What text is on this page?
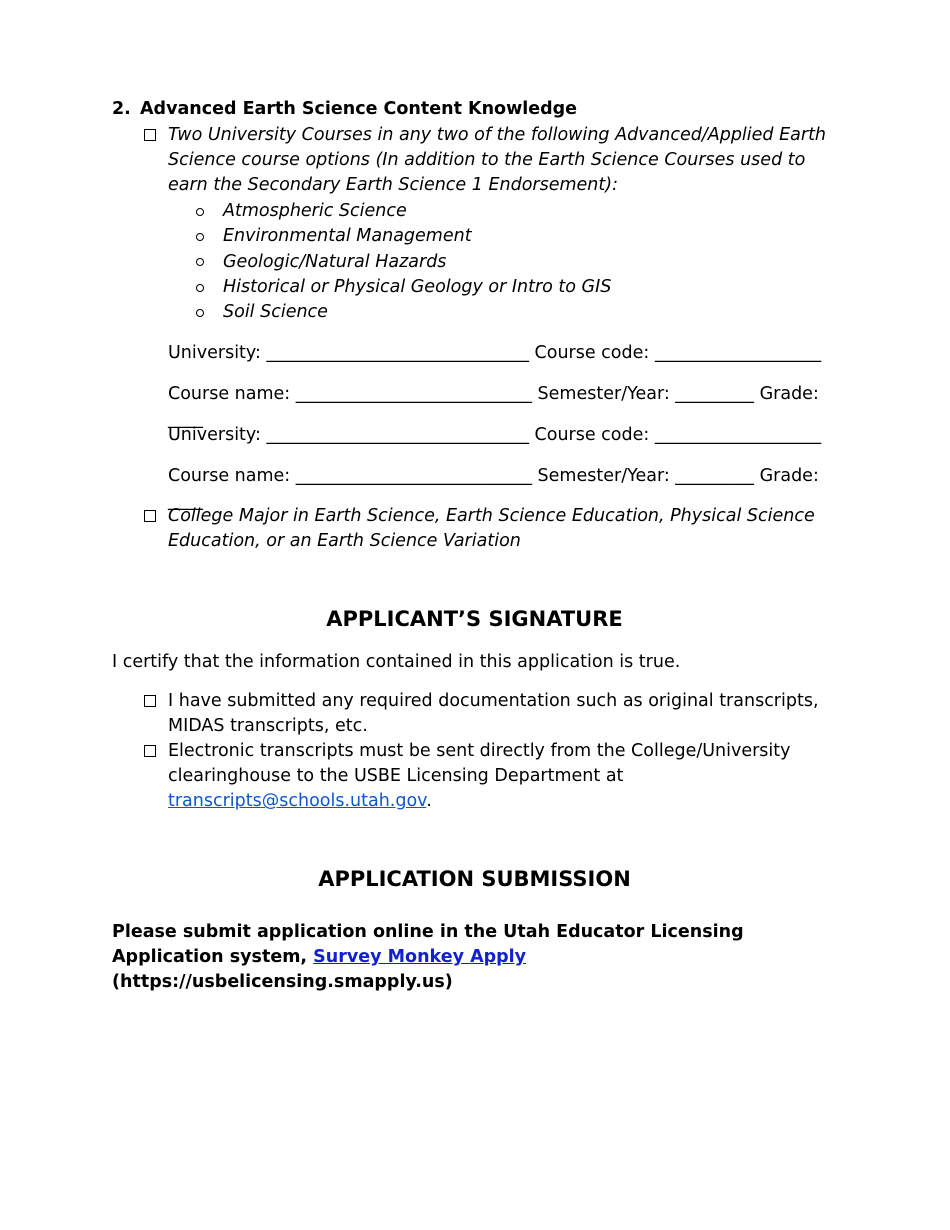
2. Advanced Earth Science Content Knowledge
Two University Courses in any two of the following Advanced/Applied Earth Science course options (In addition to the Earth Science Courses used to earn the Secondary Earth Science 1 Endorsement):
Atmospheric Science
Environmental Management
Geologic/Natural Hazards
Historical or Physical Geology or Intro to GIS
Soil Science
University: ______________________________ Course code: ___________________
Course name: ___________________________ Semester/Year: _________ Grade: ____
University: ______________________________ Course code: ___________________
Course name: ___________________________ Semester/Year: _________ Grade: ____
College Major in Earth Science, Earth Science Education, Physical Science Education, or an Earth Science Variation
APPLICANT’S SIGNATURE
I certify that the information contained in this application is true.
I have submitted any required documentation such as original transcripts, MIDAS transcripts, etc.
Electronic transcripts must be sent directly from the College/University clearinghouse to the USBE Licensing Department at transcripts@schools.utah.gov.
APPLICATION SUBMISSION
Please submit application online in the Utah Educator Licensing Application system, Survey Monkey Apply (https://usbelicensing.smapply.us)
